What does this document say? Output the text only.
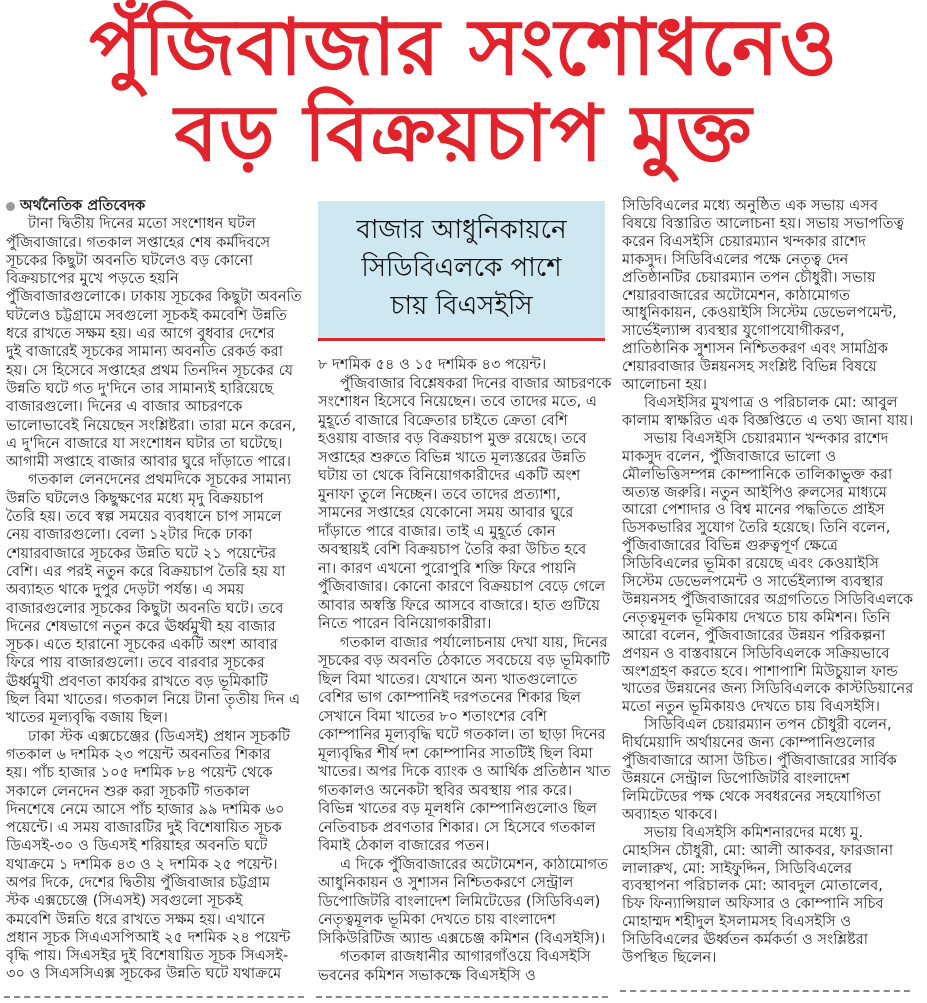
পুঁজিবাজার সংশোধনেও
বড় বিক্রয়চাপ মুক্ত
বাজার আধুনিকায়নে
সিডিবিএলকে পাশে
চায় বিএসইসি
অর্থনৈতিক প্রতিবেদক
টানা দ্বিতীয় দিনের মতো সংশোধন ঘটল
পুঁজিবাজারে। গতকাল সপ্তাহের শেষ কর্মদিবসে
সূচকের কিছুটা অবনতি ঘটলেও বড় কোনো
বিক্রয়চাপের মুখে পড়তে হয়নি
পুঁজিবাজারগুলোকে। ঢাকায় সূচকের কিছুটা অবনতি
ঘটলেও চট্টগ্রামে সবগুলো সূচকই কমবেশি উন্নতি
ধরে রাখতে সক্ষম হয়। এর আগে বুধবার দেশের
দুই বাজারেই সূচকের সামান্য অবনতি রেকর্ড করা
হয়। সে হিসেবে সপ্তাহের প্রথম তিনদিন সূচকের যে
উন্নতি ঘটে গত দু'দিনে তার সামান্যই হারিয়েছে
বাজারগুলো। দিনের এ বাজার আচরণকে
ভালোভাবেই নিয়েছেন সংশ্লিষ্টরা। তারা মনে করেন,
এ দু'দিনে বাজারে যা সংশোধন ঘটার তা ঘটেছে।
আগামী সপ্তাহে বাজার আবার ঘুরে দাঁড়াতে পারে।
গতকাল লেনদেনের প্রথমদিকে সূচকের সামান্য
উন্নতি ঘটলেও কিছুক্ষণের মধ্যে মৃদু বিক্রয়চাপ
তৈরি হয়। তবে স্বল্প সময়ের ব্যবধানে চাপ সামলে
নেয় বাজারগুলো। বেলা ১২টার দিকে ঢাকা
শেয়ারবাজারে সূচকের উন্নতি ঘটে ২১ পয়েন্টের
বেশি। এর পরই নতুন করে বিক্রয়চাপ তৈরি হয় যা
অব্যাহত থাকে দুপুর দেড়টা পর্যন্ত। এ সময়
বাজারগুলোর সূচকের কিছুটা অবনতি ঘটে। তবে
দিনের শেষভাগে নতুন করে ঊর্ধ্বমুখী হয় বাজার
সূচক। এতে হারানো সূচকের একটি অংশ আবার
ফিরে পায় বাজারগুলো। তবে বারবার সূচকের
ঊর্ধ্বমুখী প্রবণতা কার্যকর রাখতে বড় ভূমিকাটি
ছিল বিমা খাতের। গতকাল নিয়ে টানা তৃতীয় দিন এ
খাতের মূল্যবৃদ্ধি বজায় ছিল।
ঢাকা স্টক এক্সচেঞ্জের (ডিএসই) প্রধান সূচকটি
গতকাল ৬ দশমিক ২৩ পয়েন্ট অবনতির শিকার
হয়। পাঁচ হাজার ১০৫ দশমিক ৮৪ পয়েন্ট থেকে
সকালে লেনদেন শুরু করা সূচকটি গতকাল
দিনশেষে নেমে আসে পাঁচ হাজার ৯৯ দশমিক ৬০
পয়েন্টে। এ সময় বাজারটির দুই বিশেষায়িত সূচক
ডিএসই-৩০ ও ডিএসই শরিয়াহর অবনতি ঘটে
যথাক্রমে ১ দশমিক ৪৩ ও ২ দশমিক ২৫ পয়েন্ট।
অপর দিকে, দেশের দ্বিতীয় পুঁজিবাজার চট্টগ্রাম
স্টক এক্সচেঞ্জে (সিএসই) সবগুলো সূচকই
কমবেশি উন্নতি ধরে রাখতে সক্ষম হয়। এখানে
প্রধান সূচক সিএএসপিআই ২৫ দশমিক ২৪ পয়েন্ট
বৃদ্ধি পায়। সিএসইর দুই বিশেষায়িত সূচক সিএসই-
৩০ ও সিএসসিএক্স সূচকের উন্নতি ঘটে যথাক্রমে
৮ দশমিক ৫৪ ও ১৫ দশমিক ৪৩ পয়েন্ট।
পুঁজিবাজার বিশ্লেষকরা দিনের বাজার আচরণকে
সংশোধন হিসেবে নিয়েছেন। তবে তাদের মতে, এ
মুহূর্তে বাজারে বিক্রেতার চাইতে ক্রেতা বেশি
হওয়ায় বাজার বড় বিক্রয়চাপ মুক্ত রয়েছে। তবে
সপ্তাহের শুরুতে বিভিন্ন খাতে মূল্যস্তরের উন্নতি
ঘটায় তা থেকে বিনিয়োগকারীদের একটি অংশ
মুনাফা তুলে নিচ্ছেন। তবে তাদের প্রত্যাশা,
সামনের সপ্তাহের যেকোনো সময় আবার ঘুরে
দাঁড়াতে পারে বাজার। তাই এ মুহূর্তে কোন
অবস্থায়ই বেশি বিক্রয়চাপ তৈরি করা উচিত হবে
না। কারণ এখনো পুরোপুরি শক্তি ফিরে পায়নি
পুঁজিবাজার। কোনো কারণে বিক্রয়চাপ বেড়ে গেলে
আবার অস্বস্তি ফিরে আসবে বাজারে। হাত গুটিয়ে
নিতে পারেন বিনিয়োগকারীরা।
গতকাল বাজার পর্যালোচনায় দেখা যায়, দিনের
সূচকের বড় অবনতি ঠেকাতে সবচেয়ে বড় ভূমিকাটি
ছিল বিমা খাতের। যেখানে অন্য খাতগুলোতে
বেশির ভাগ কোম্পানিই দরপতনের শিকার ছিল
সেখানে বিমা খাতের ৮০ শতাংশের বেশি
কোম্পানির মূল্যবৃদ্ধি ঘটে গতকাল। তা ছাড়া দিনের
মূল্যবৃদ্ধির শীর্ষ দশ কোম্পানির সাতটিই ছিল বিমা
খাতের। অপর দিকে ব্যাংক ও আর্থিক প্রতিষ্ঠান খাত
গতকালও অনেকটা স্থবির অবস্থায় পার করে।
বিভিন্ন খাতের বড় মূলধনি কোম্পানিগুলোও ছিল
নেতিবাচক প্রবণতার শিকার। সে হিসেবে গতকাল
বিমাই ঠেকাল বাজারের পতন।
এ দিকে পুঁজিবাজারের অটোমেশন, কাঠামোগত
আধুনিকায়ন ও সুশাসন নিশ্চিতকরণে সেন্ট্রাল
ডিপোজিটরি বাংলাদেশ লিমিটেডের (সিডিবিএল)
নেতৃত্বমূলক ভূমিকা দেখতে চায় বাংলাদেশ
সিকিউরিটিজ অ্যান্ড এক্সচেঞ্জ কমিশন (বিএসইসি)।
গতকাল রাজধানীর আগারগাঁওয়ে বিএসইসি
ভবনের কমিশন সভাকক্ষে বিএসইসি ও
সিডিবিএলের মধ্যে অনুষ্ঠিত এক সভায় এসব
বিষয়ে বিস্তারিত আলোচনা হয়। সভায় সভাপতিত্ব
করেন বিএসইসি চেয়ারম্যান খন্দকার রাশেদ
মাকসুদ। সিডিবিএলের পক্ষে নেতৃত্ব দেন
প্রতিষ্ঠানটির চেয়ারম্যান তপন চৌধুরী। সভায়
শেয়ারবাজারের অটোমেশন, কাঠামোগত
আধুনিকায়ন, কেওয়াইসি সিস্টেম ডেভেলপমেন্ট,
সার্ভেইল্যান্স ব্যবস্থার যুগোপযোগীকরণ,
প্রাতিষ্ঠানিক সুশাসন নিশ্চিতকরণ এবং সামগ্রিক
শেয়ারবাজার উন্নয়নসহ সংশ্লিষ্ট বিভিন্ন বিষয়ে
আলোচনা হয়।
বিএসইসির মুখপাত্র ও পরিচালক মো: আবুল
কালাম স্বাক্ষরিত এক বিজ্ঞপ্তিতে এ তথ্য জানা যায়।
সভায় বিএসইসি চেয়ারম্যান খন্দকার রাশেদ
মাকসুদ বলেন, পুঁজিবাজারে ভালো ও
মৌলভিত্তিসম্পন্ন কোম্পানিকে তালিকাভুক্ত করা
অত্যন্ত জরুরি। নতুন আইপিও রুলসের মাধ্যমে
আরো পেশাদার ও বিশ্ব মানের পদ্ধতিতে প্রাইস
ডিসকভারির সুযোগ তৈরি হয়েছে। তিনি বলেন,
পুঁজিবাজারের বিভিন্ন গুরুত্বপূর্ণ ক্ষেত্রে
সিডিবিএলের ভূমিকা রয়েছে এবং কেওয়াইসি
সিস্টেম ডেভেলপমেন্ট ও সার্ভেইল্যান্স ব্যবস্থার
উন্নয়নসহ পুঁজিবাজারের অগ্রগতিতে সিডিবিএলকে
নেতৃত্বমূলক ভূমিকায় দেখতে চায় কমিশন। তিনি
আরো বলেন, পুঁজিবাজারের উন্নয়ন পরিকল্পনা
প্রণয়ন ও বাস্তবায়নে সিডিবিএলকে সক্রিয়ভাবে
অংশগ্রহণ করতে হবে। পাশাপাশি মিউচুয়াল ফান্ড
খাতের উন্নয়নের জন্য সিডিবিএলকে কাস্টডিয়ানের
মতো নতুন ভূমিকায়ও দেখতে চায় বিএসইসি।
সিডিবিএল চেয়ারম্যান তপন চৌধুরী বলেন,
দীর্ঘমেয়াদি অর্থায়নের জন্য কোম্পানিগুলোর
পুঁজিবাজারে আসা উচিত। পুঁজিবাজারের সার্বিক
উন্নয়নে সেন্ট্রাল ডিপোজিটরি বাংলাদেশ
লিমিটেডের পক্ষ থেকে সবধরনের সহযোগিতা
অব্যাহত থাকবে।
সভায় বিএসইসি কমিশনারদের মধ্যে মু.
মোহসিন চৌধুরী, মো: আলী আকবর, ফারজানা
লালারুখ, মো: সাইফুদ্দিন, সিডিবিএলের
ব্যবস্থাপনা পরিচালক মো: আবদুল মোতালেব,
চিফ ফিন্যান্সিয়াল অফিসার ও কোম্পানি সচিব
মোহাম্মদ শহীদুল ইসলামসহ বিএসইসি ও
সিডিবিএলের ঊর্ধ্বতন কর্মকর্তা ও সংশ্লিষ্টরা
উপস্থিত ছিলেন।
